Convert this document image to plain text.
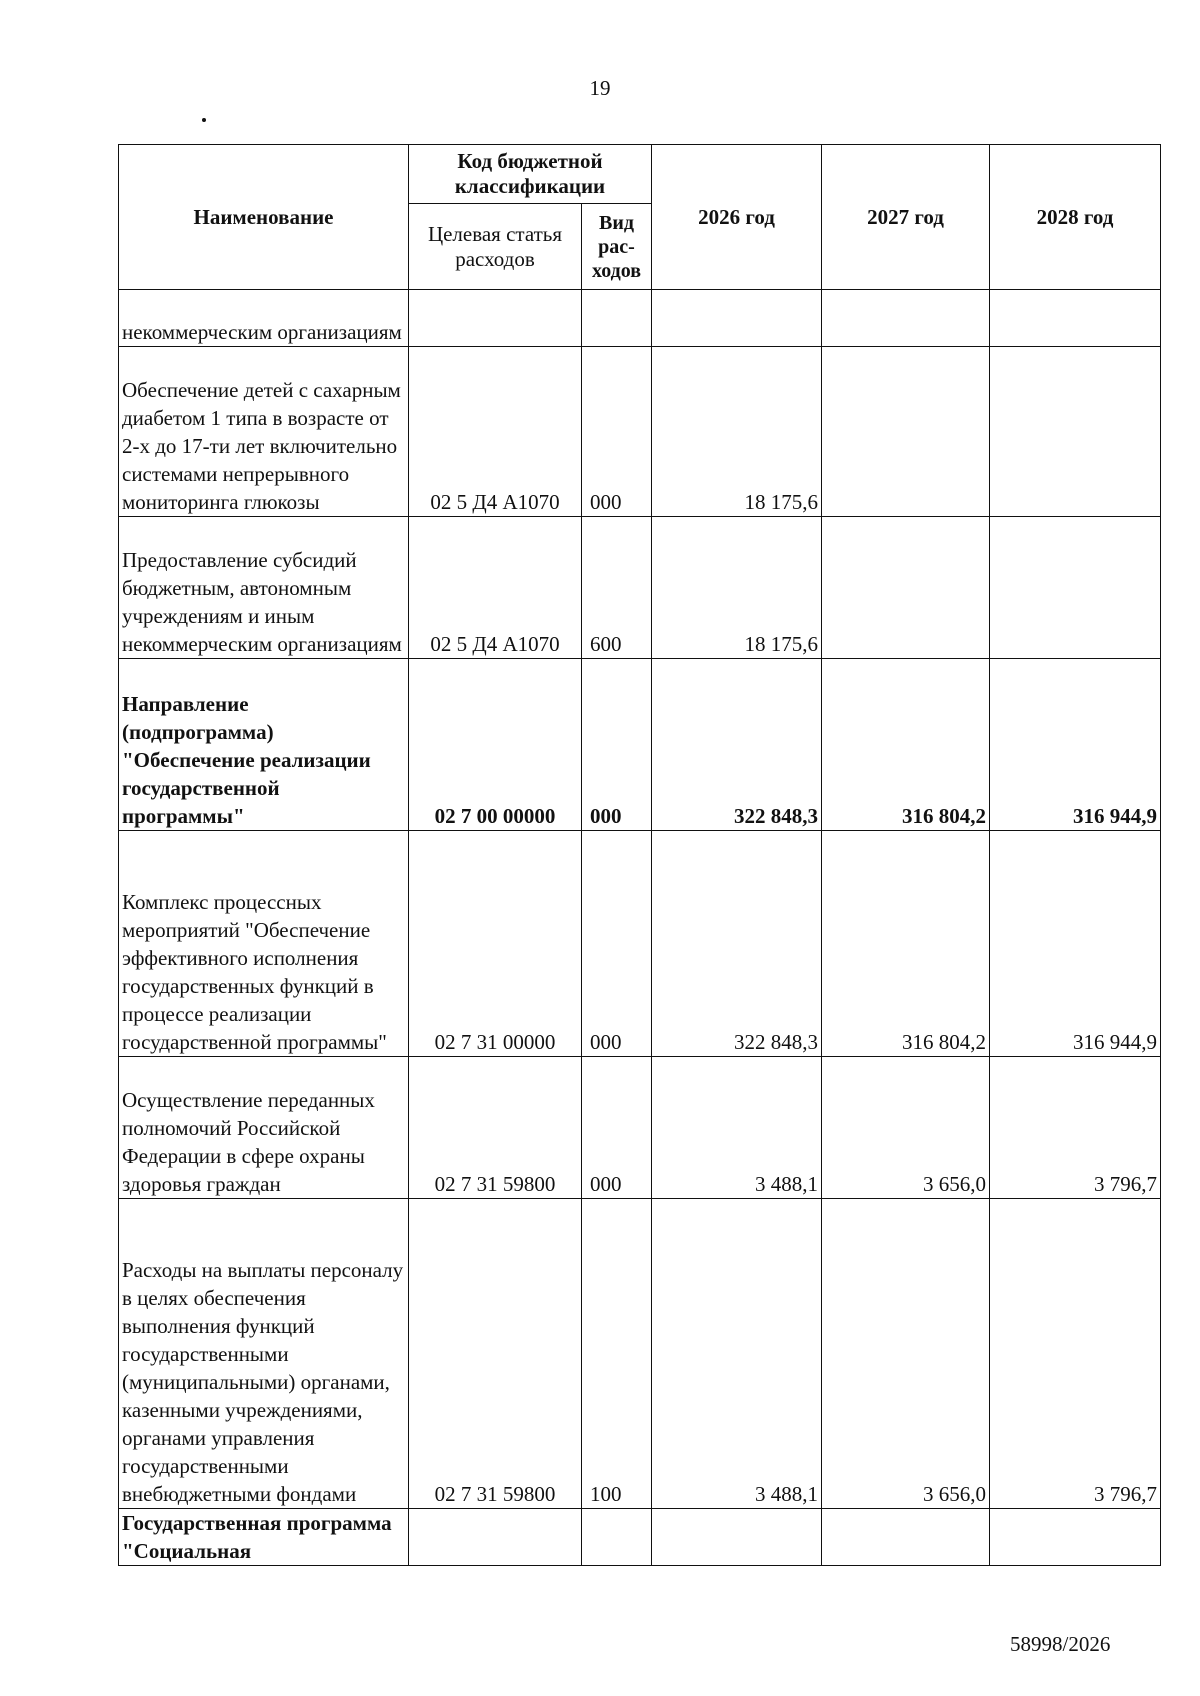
19
Наименование	Код бюджетной классификации		2026 год	2027 год	2028 год
	Целевая статья расходов	Вид
рас-
ходов			

некоммерческим организациям					
Обеспечение детей с сахарным диабетом 1 типа в возрасте от 2-х до 17-ти лет включительно системами непрерывного мониторинга глюкозы	02 5 Д4 А1070	000	18 175,6		
Предоставление субсидий бюджетным, автономным учреждениям и иным некоммерческим организациям	02 5 Д4 А1070	600	18 175,6		
Направление (подпрограмма) "Обеспечение реализации государственной программы"	02 7 00 00000	000	322 848,3	316 804,2	316 944,9
Комплекс процессных мероприятий "Обеспечение эффективного исполнения государственных функций в процессе реализации государственной программы"	02 7 31 00000	000	322 848,3	316 804,2	316 944,9
Осуществление переданных полномочий Российской Федерации в сфере охраны здоровья граждан	02 7 31 59800	000	3 488,1	3 656,0	3 796,7
Расходы на выплаты персоналу в целях обеспечения выполнения функций государственными (муниципальными) органами, казенными учреждениями, органами управления государственными внебюджетными фондами	02 7 31 59800	100	3 488,1	3 656,0	3 796,7
Государственная программа "Социальная					
58998/2026
